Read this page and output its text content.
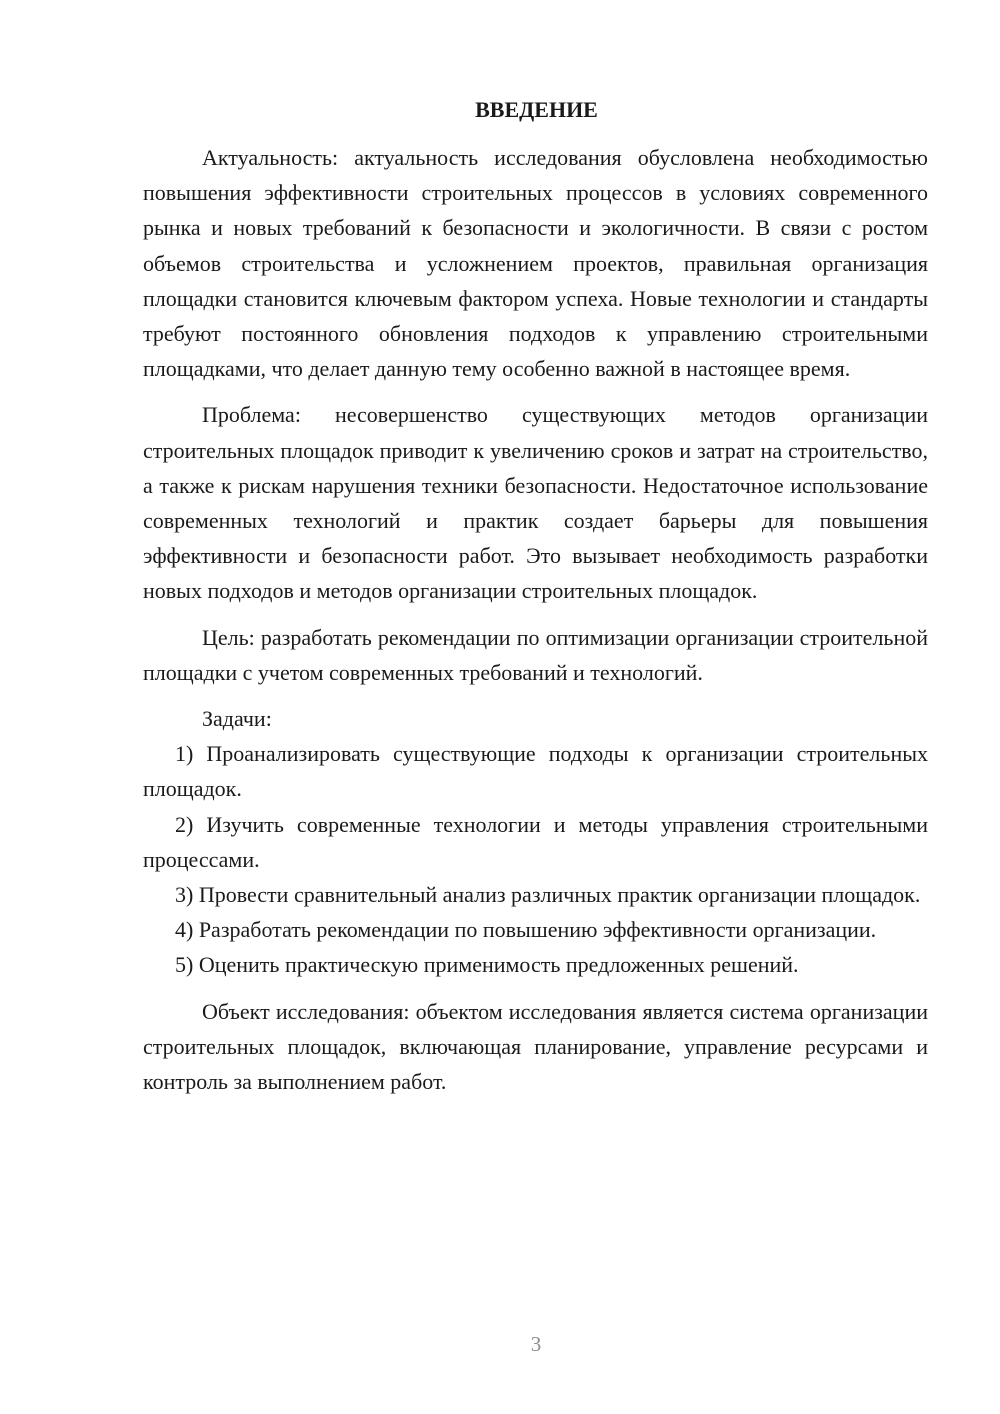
ВВЕДЕНИЕ

Актуальность: актуальность исследования обусловлена необходимостью повышения эффективности строительных процессов в условиях современного рынка и новых требований к безопасности и экологичности. В связи с ростом объемов строительства и усложнением проектов, правильная организация площадки становится ключевым фактором успеха. Новые технологии и стандарты требуют постоянного обновления подходов к управлению строительными площадками, что делает данную тему особенно важной в настоящее время.

Проблема: несовершенство существующих методов организации строительных площадок приводит к увеличению сроков и затрат на строительство, а также к рискам нарушения техники безопасности. Недостаточное использование современных технологий и практик создает барьеры для повышения эффективности и безопасности работ. Это вызывает необходимость разработки новых подходов и методов организации строительных площадок.

Цель: разработать рекомендации по оптимизации организации строительной площадки с учетом современных требований и технологий.

Задачи:

1) Проанализировать существующие подходы к организации строительных площадок.

2) Изучить современные технологии и методы управления строительными процессами.

3) Провести сравнительный анализ различных практик организации площадок.

4) Разработать рекомендации по повышению эффективности организации.

5) Оценить практическую применимость предложенных решений.

Объект исследования: объектом исследования является система организации строительных площадок, включающая планирование, управление ресурсами и контроль за выполнением работ.

3
